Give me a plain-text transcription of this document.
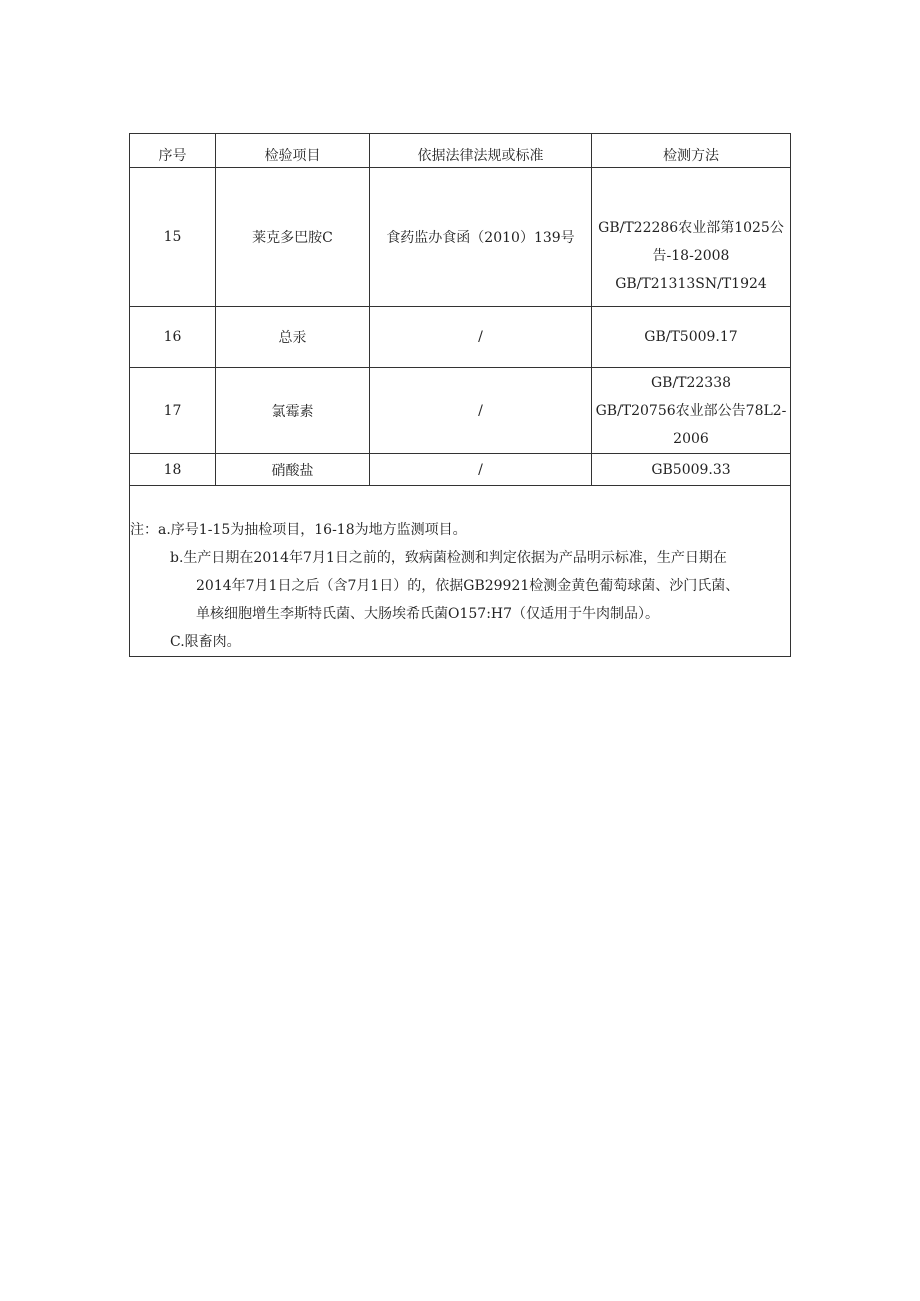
序号	检验项目	依据法律法规或标准	检测方法
15	莱克多巴胺C	食药监办食函（2010）139号	GB/T22286农业部第1025公
告-18-2008
GB/T21313SN/T1924

16	总汞	/	GB/T5009.17

17	氯霉素	/	GB/T22338
GB/T20756农业部公告78L2-
2006

18	硝酸盐	/	GB5009.33

注：a.序号1-15为抽检项目，16-18为地方监测项目。
b.生产日期在2014年7月1日之前的，致病菌检测和判定依据为产品明示标准，生产日期在
2014年7月1日之后（含7月1日）的，依据GB29921检测金黄色葡萄球菌、沙门氏菌、
单核细胞增生李斯特氏菌、大肠埃希氏菌O157:H7（仅适用于牛肉制品）。
C.限畜肉。			
